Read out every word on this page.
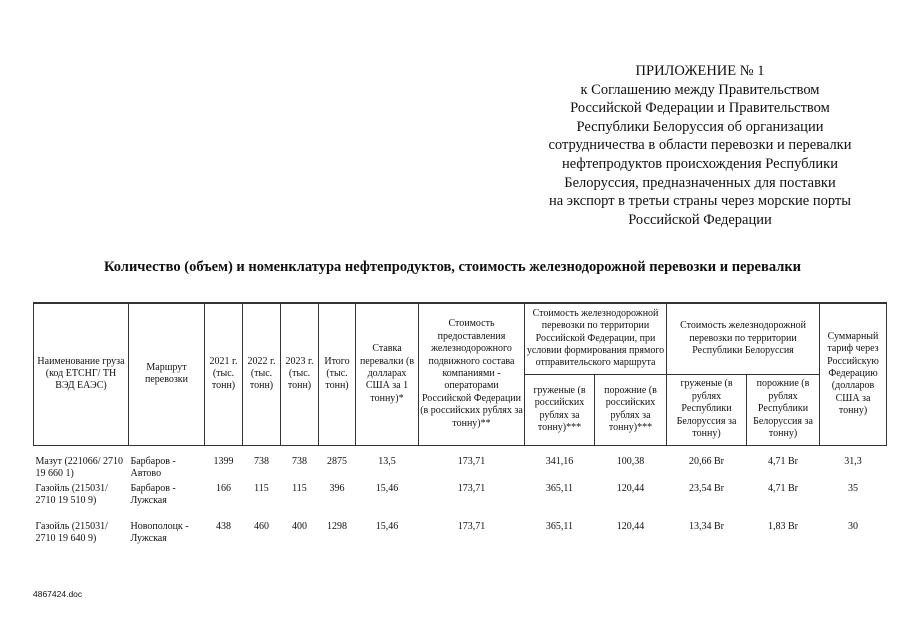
ПРИЛОЖЕНИЕ № 1
к Соглашению между Правительством
Российской Федерации и Правительством
Республики Белоруссия об организации
сотрудничества в области перевозки и перевалки
нефтепродуктов происхождения Республики
Белоруссия, предназначенных для поставки
на экспорт в третьи страны через морские порты
Российской Федерации
Количество (объем) и номенклатура нефтепродуктов, стоимость железнодорожной перевозки и перевалки
Наименование груза (код ЕТСНГ/ ТН ВЭД ЕАЭС)	Маршрут перевозки	2021 г. (тыс. тонн)	2022 г. (тыс. тонн)	2023 г. (тыс. тонн)	Итого (тыс. тонн)	Ставка перевалки (в долларах США за 1 тонну)*	Стоимость предоставления железнодорожного подвижного состава компаниями - операторами Российской Федерации (в российских рублях за тонну)**	Стоимость железнодорожной перевозки по территории Российской Федерации, при условии формирования прямого отправительского маршрута		Стоимость железнодорожной перевозки по территории Республики Белоруссия		Суммарный тариф через Российскую Федерацию (долларов США за тонну)
								груженые (в российских рублях за тонну)***	порожние (в российских рублях за тонну)***	груженые (в рублях Республики Белоруссия за тонну)	порожние (в рублях Республики Белоруссия за тонну)	
Мазут (221066/ 2710 19 660 1)	Барбаров - Автово	1399	738	738	2875	13,5	173,71	341,16	100,38	20,66 Br	4,71 Br	31,3
Газойль (215031/ 2710 19 510 9)	Барбаров - Лужская	166	115	115	396	15,46	173,71	365,11	120,44	23,54 Br	4,71 Br	35
Газойль (215031/ 2710 19 640 9)	Новополоцк - Лужская	438	460	400	1298	15,46	173,71	365,11	120,44	13,34 Br	1,83 Br	30
4867424.doc
